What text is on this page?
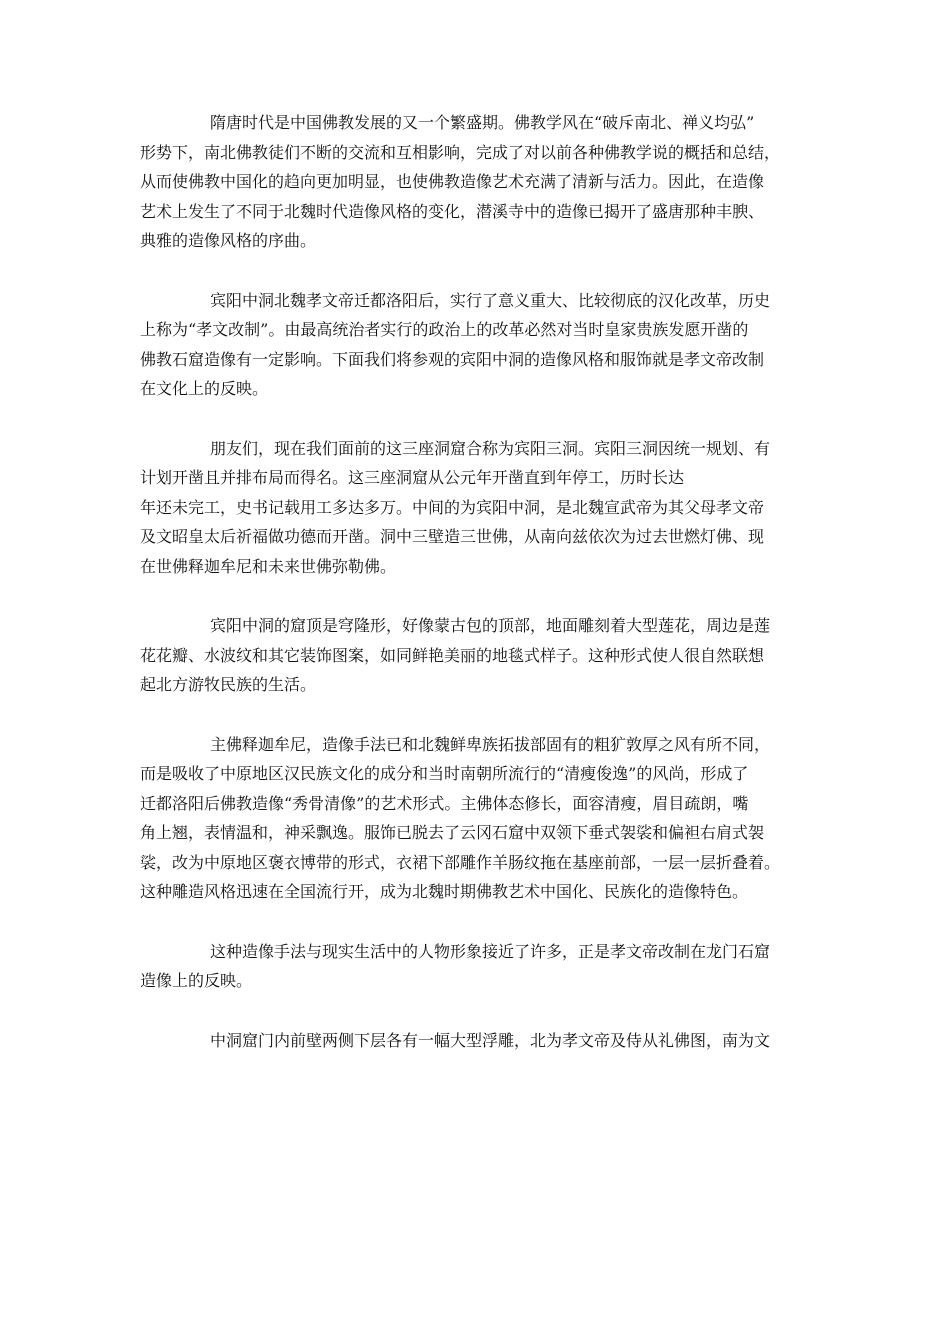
隋唐时代是中国佛教发展的又一个繁盛期。佛教学风在“破斥南北、禅义均弘”
形势下，南北佛教徒们不断的交流和互相影响，完成了对以前各种佛教学说的概括和总结，
从而使佛教中国化的趋向更加明显，也使佛教造像艺术充满了清新与活力。因此，在造像
艺术上发生了不同于北魏时代造像风格的变化，潜溪寺中的造像已揭开了盛唐那种丰腴、
典雅的造像风格的序曲。

宾阳中洞北魏孝文帝迁都洛阳后，实行了意义重大、比较彻底的汉化改革，历史
上称为“孝文改制”。由最高统治者实行的政治上的改革必然对当时皇家贵族发愿开凿的
佛教石窟造像有一定影响。下面我们将参观的宾阳中洞的造像风格和服饰就是孝文帝改制
在文化上的反映。

朋友们，现在我们面前的这三座洞窟合称为宾阳三洞。宾阳三洞因统一规划、有
计划开凿且并排布局而得名。这三座洞窟从公元年开凿直到年停工，历时长达
年还未完工，史书记载用工多达多万。中间的为宾阳中洞，是北魏宣武帝为其父母孝文帝
及文昭皇太后祈福做功德而开凿。洞中三壁造三世佛，从南向兹依次为过去世燃灯佛、现
在世佛释迦牟尼和未来世佛弥勒佛。

宾阳中洞的窟顶是穹隆形，好像蒙古包的顶部，地面雕刻着大型莲花，周边是莲
花花瓣、水波纹和其它装饰图案，如同鲜艳美丽的地毯式样子。这种形式使人很自然联想
起北方游牧民族的生活。

主佛释迦牟尼，造像手法已和北魏鲜卑族拓拔部固有的粗犷敦厚之风有所不同，
而是吸收了中原地区汉民族文化的成分和当时南朝所流行的“清瘦俊逸”的风尚，形成了
迁都洛阳后佛教造像“秀骨清像”的艺术形式。主佛体态修长，面容清瘦，眉目疏朗，嘴
角上翘，表情温和，神采飘逸。服饰已脱去了云冈石窟中双领下垂式袈裟和偏袒右肩式袈
裟，改为中原地区褒衣博带的形式，衣裙下部雕作羊肠纹拖在基座前部，一层一层折叠着。
这种雕造风格迅速在全国流行开，成为北魏时期佛教艺术中国化、民族化的造像特色。

这种造像手法与现实生活中的人物形象接近了许多，正是孝文帝改制在龙门石窟
造像上的反映。

中洞窟门内前壁两侧下层各有一幅大型浮雕，北为孝文帝及侍从礼佛图，南为文
